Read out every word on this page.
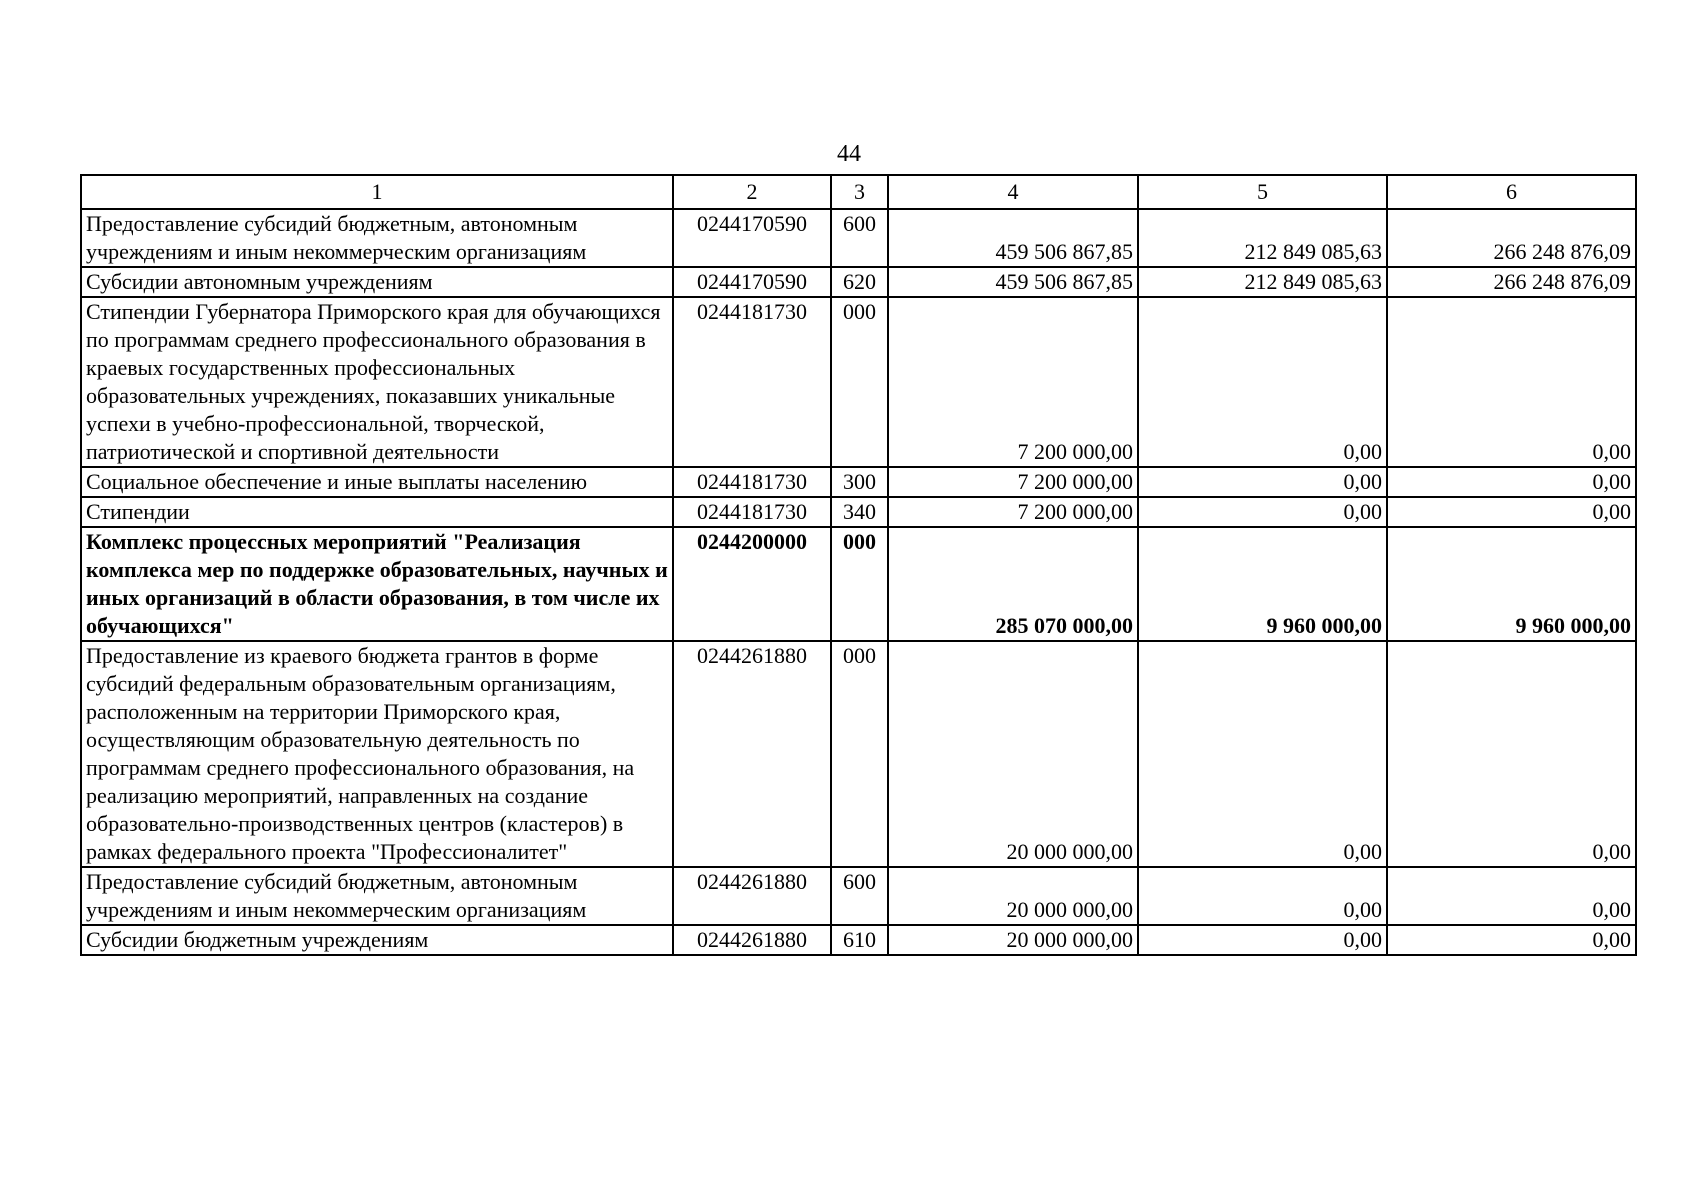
44
1	2	3	4	5	6
Предоставление субсидий бюджетным, автономным учреждениям и иным некоммерческим организациям	0244170590	600	459 506 867,85	212 849 085,63	266 248 876,09
Субсидии автономным учреждениям	0244170590	620	459 506 867,85	212 849 085,63	266 248 876,09
Стипендии Губернатора Приморского края для обучающихся по программам среднего профессионального образования в краевых государственных профессиональных образовательных учреждениях, показавших уникальные успехи в учебно-профессиональной, творческой, патриотической и спортивной деятельности	0244181730	000	7 200 000,00	0,00	0,00
Социальное обеспечение и иные выплаты населению	0244181730	300	7 200 000,00	0,00	0,00
Стипендии	0244181730	340	7 200 000,00	0,00	0,00
Комплекс процессных мероприятий "Реализация комплекса мер по поддержке образовательных, научных и иных организаций в области образования, в том числе их обучающихся"	0244200000	000	285 070 000,00	9 960 000,00	9 960 000,00
Предоставление из краевого бюджета грантов в форме субсидий федеральным образовательным организациям, расположенным на территории Приморского края, осуществляющим образовательную деятельность по программам среднего профессионального образования, на реализацию мероприятий, направленных на создание образовательно-производственных центров (кластеров) в рамках федерального проекта "Профессионалитет"	0244261880	000	20 000 000,00	0,00	0,00
Предоставление субсидий бюджетным, автономным учреждениям и иным некоммерческим организациям	0244261880	600	20 000 000,00	0,00	0,00
Субсидии бюджетным учреждениям	0244261880	610	20 000 000,00	0,00	0,00
